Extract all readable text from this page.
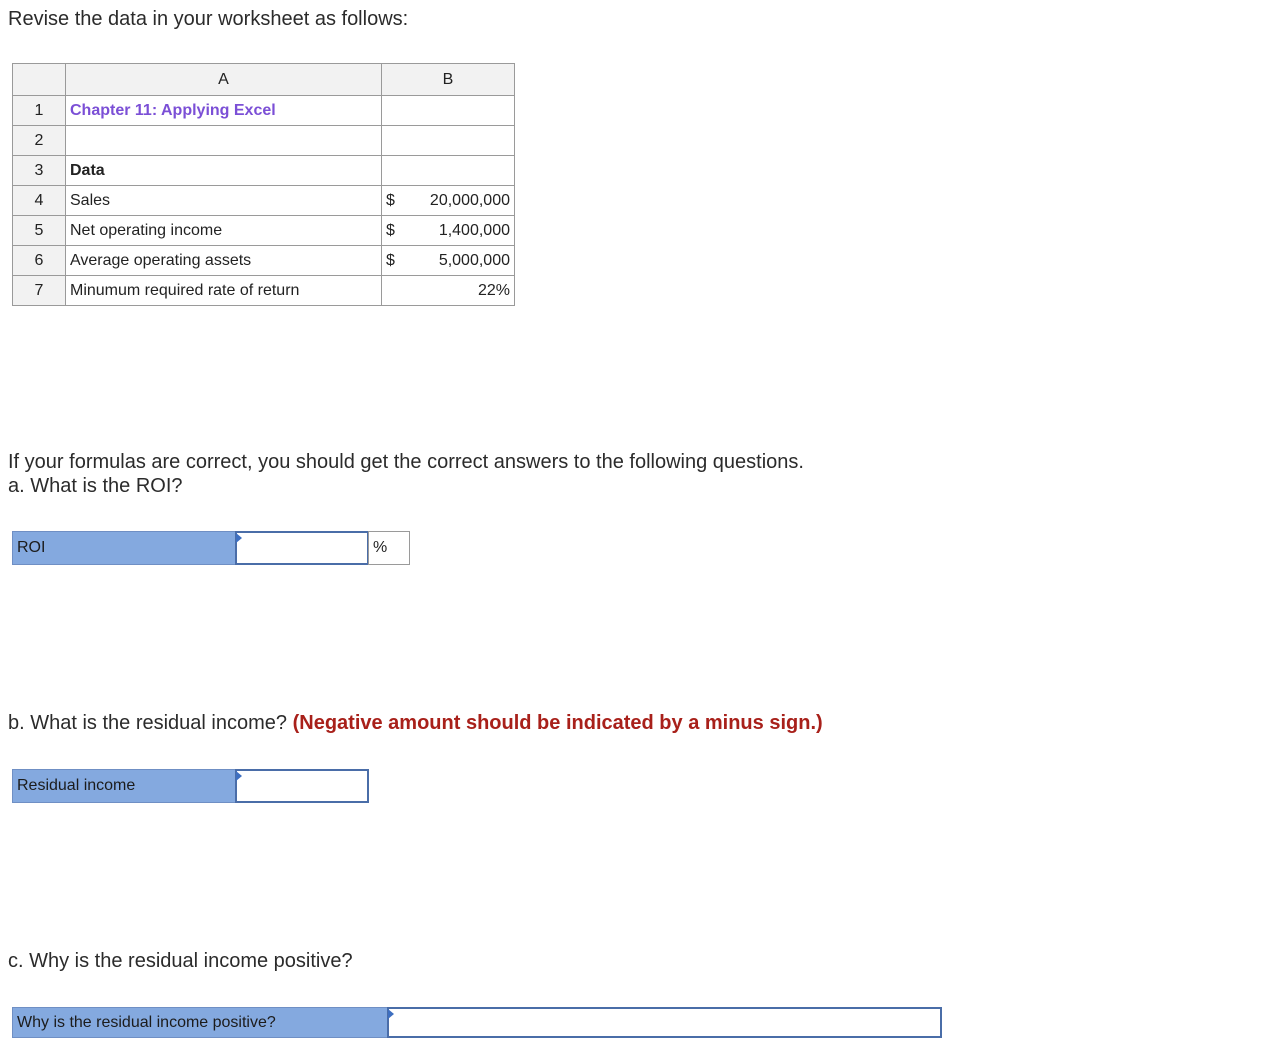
Revise the data in your worksheet as follows:
	A	B
1	Chapter 11: Applying Excel	
2		
3	Data	
4	Sales	$ 20,000,000

5	Net operating income	$ 1,400,000

6	Average operating assets	$ 5,000,000

7	Minumum required rate of return	22%
If your formulas are correct, you should get the correct answers to the following questions.
a. What is the ROI?
ROI	%
b. What is the residual income? (Negative amount should be indicated by a minus sign.)
Residual income
c. Why is the residual income positive?
Why is the residual income positive?
